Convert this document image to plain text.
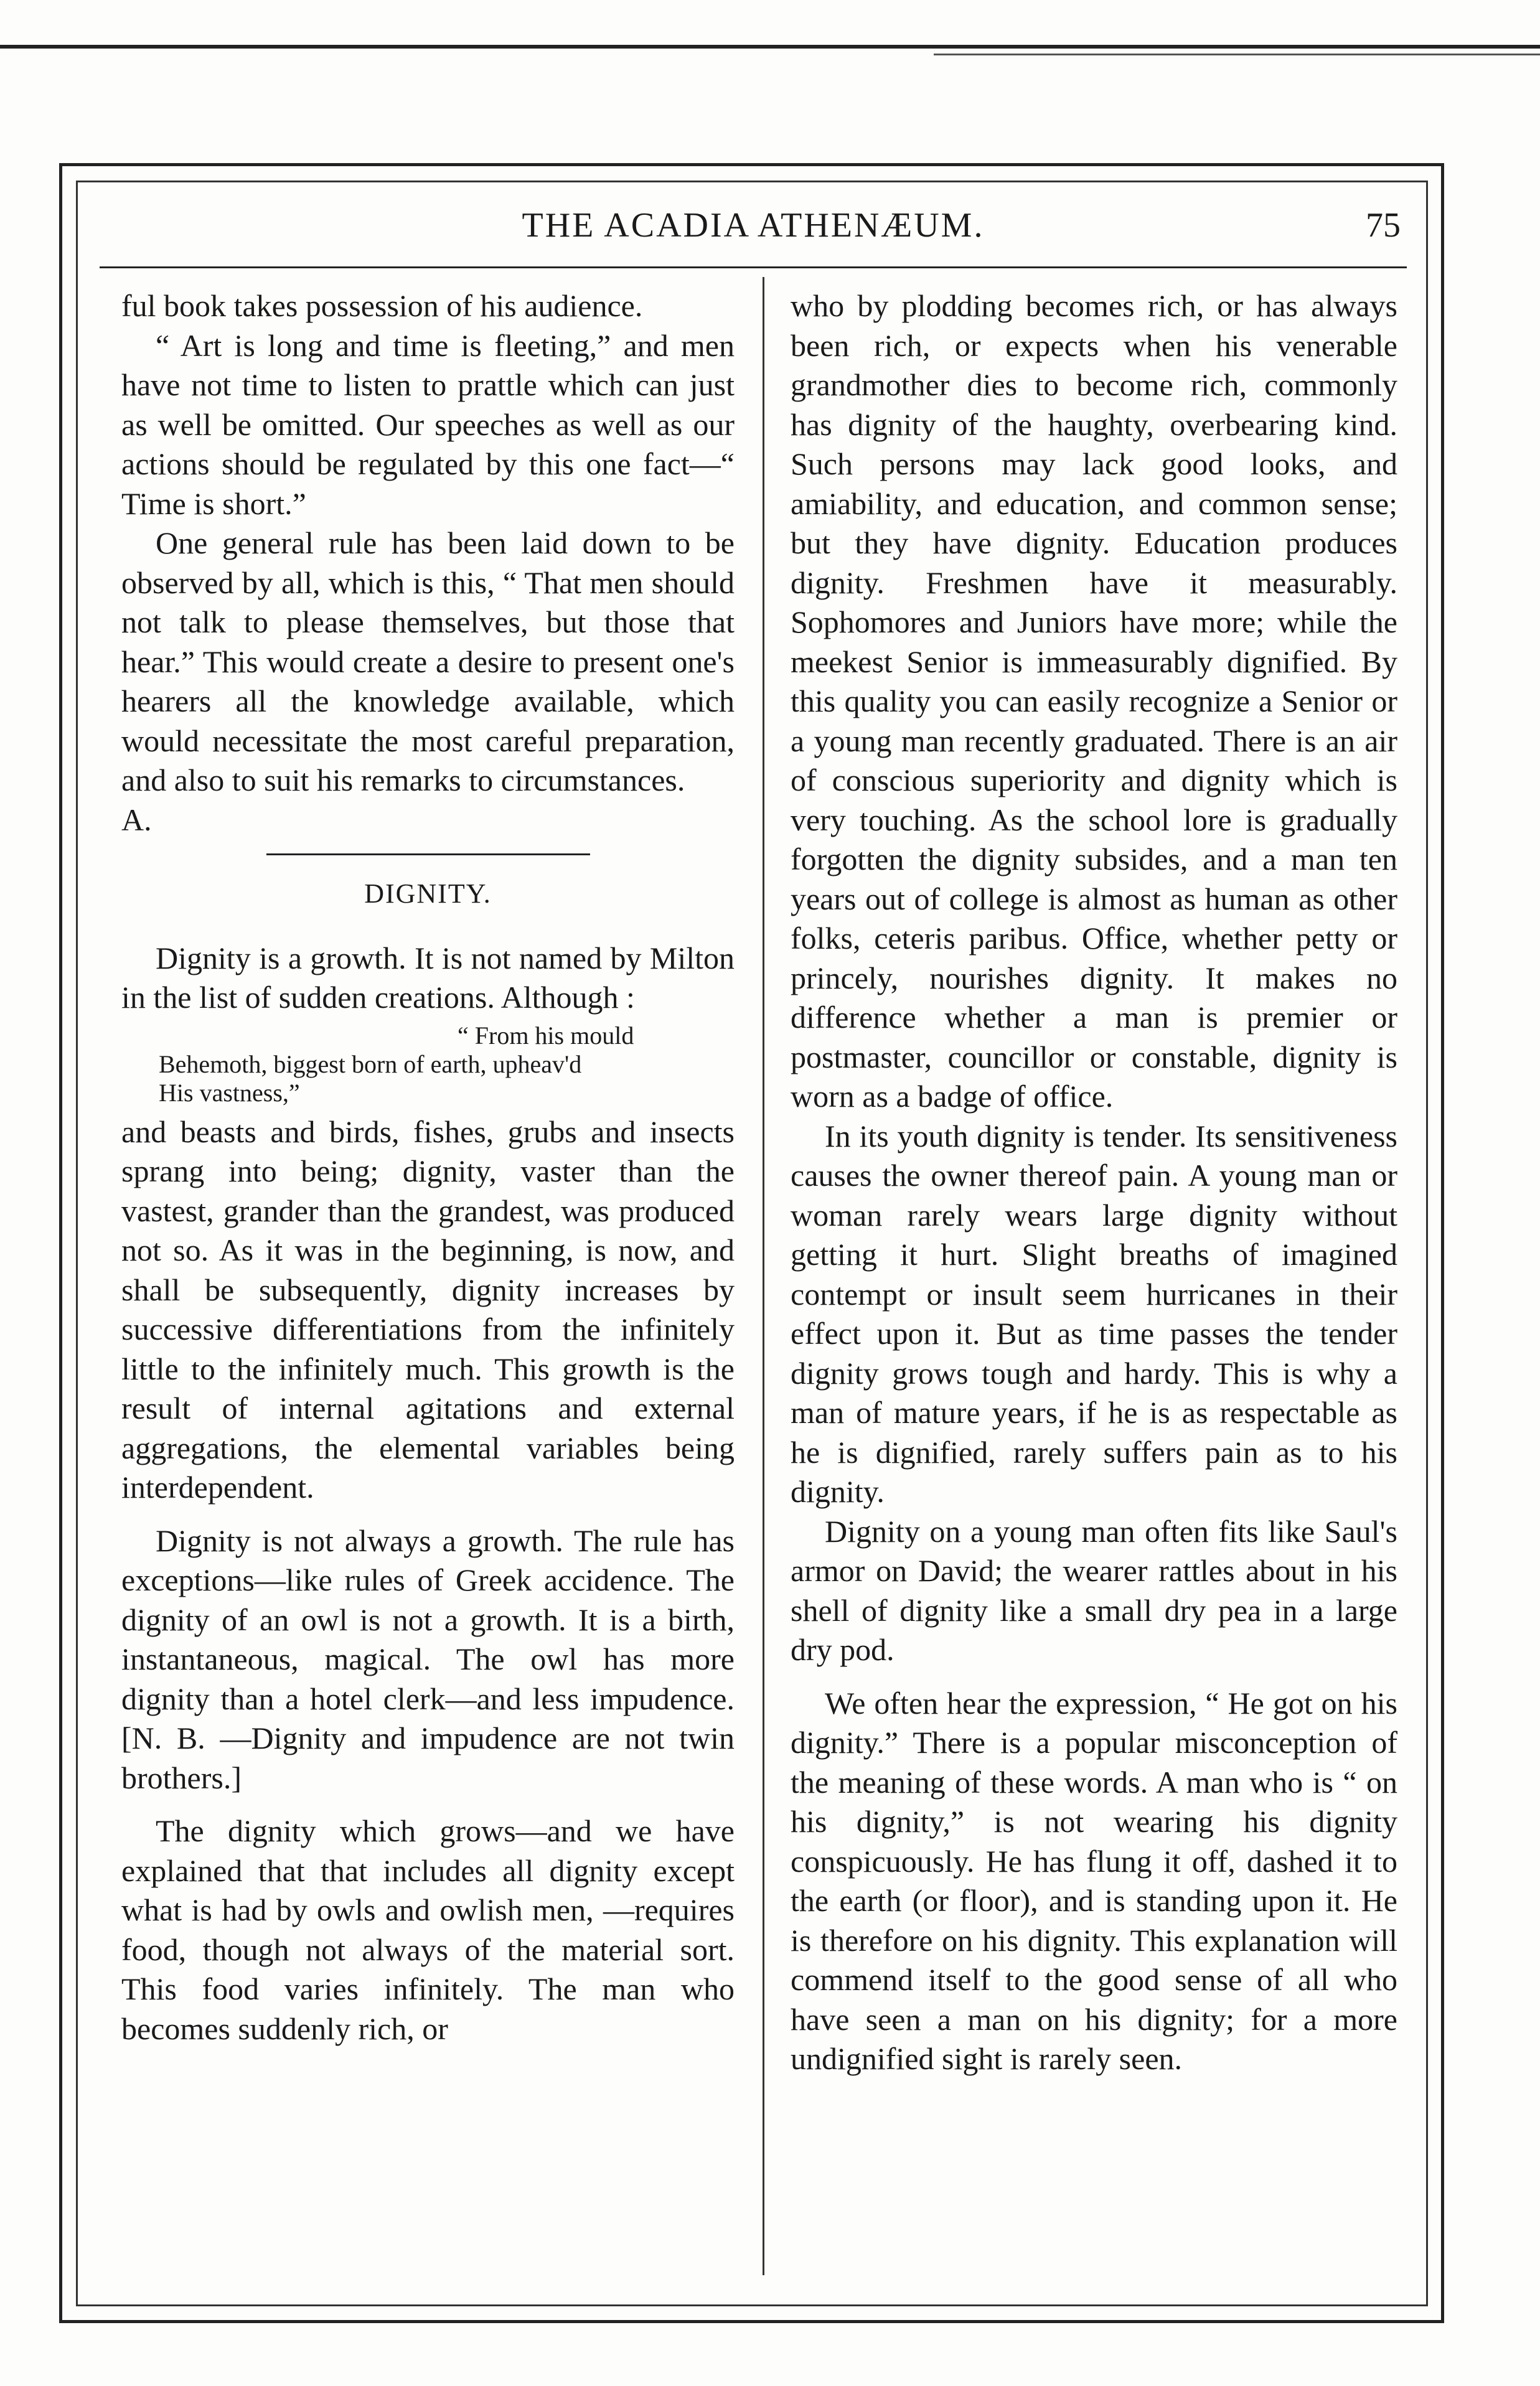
THE ACADIA ATHENÆUM.	75

ful book takes possession of his audience.

“ Art is long and time is fleeting,” and men have not time to listen to prattle which can just as well be omitted. Our speeches as well as our actions should be regulated by this one fact—“ Time is short.”

One general rule has been laid down to be observed by all, which is this, “ That men should not talk to please themselves, but those that hear.” This would create a desire to present one's hearers all the knowledge available, which would necessitate the most careful preparation, and also to suit his remarks to circumstances.

A.

DIGNITY.

Dignity is a growth. It is not named by Milton in the list of sudden creations. Although :

“ From his mould
Behemoth, biggest born of earth, upheav'd
His vastness,”

and beasts and birds, fishes, grubs and insects sprang into being; dignity, vaster than the vastest, grander than the grandest, was produced not so. As it was in the beginning, is now, and shall be subsequently, dignity increases by successive differentiations from the infinitely little to the infinitely much. This growth is the result of internal agitations and external aggregations, the elemental variables being interdependent.

Dignity is not always a growth. The rule has exceptions—like rules of Greek accidence. The dignity of an owl is not a growth. It is a birth, instantaneous, magical. The owl has more dignity than a hotel clerk—and less impudence. [N. B. —Dignity and impudence are not twin brothers.]

The dignity which grows—and we have explained that that includes all dignity except what is had by owls and owlish men, —requires food, though not always of the material sort. This food varies infinitely. The man who becomes suddenly rich, or

who by plodding becomes rich, or has always been rich, or expects when his venerable grandmother dies to become rich, commonly has dignity of the haughty, overbearing kind. Such persons may lack good looks, and amiability, and education, and common sense; but they have dignity. Education produces dignity. Freshmen have it measurably. Sophomores and Juniors have more; while the meekest Senior is immeasurably dignified. By this quality you can easily recognize a Senior or a young man recently graduated. There is an air of conscious superiority and dignity which is very touching. As the school lore is gradually forgotten the dignity subsides, and a man ten years out of college is almost as human as other folks, ceteris paribus. Office, whether petty or princely, nourishes dignity. It makes no difference whether a man is premier or postmaster, councillor or constable, dignity is worn as a badge of office.

In its youth dignity is tender. Its sensitiveness causes the owner thereof pain. A young man or woman rarely wears large dignity without getting it hurt. Slight breaths of imagined contempt or insult seem hurricanes in their effect upon it. But as time passes the tender dignity grows tough and hardy. This is why a man of mature years, if he is as respectable as he is dignified, rarely suffers pain as to his dignity.

Dignity on a young man often fits like Saul's armor on David; the wearer rattles about in his shell of dignity like a small dry pea in a large dry pod.

We often hear the expression, “ He got on his dignity.” There is a popular misconception of the meaning of these words. A man who is “ on his dignity,” is not wearing his dignity conspicuously. He has flung it off, dashed it to the earth (or floor), and is standing upon it. He is therefore on his dignity. This explanation will commend itself to the good sense of all who have seen a man on his dignity; for a more undignified sight is rarely seen.
